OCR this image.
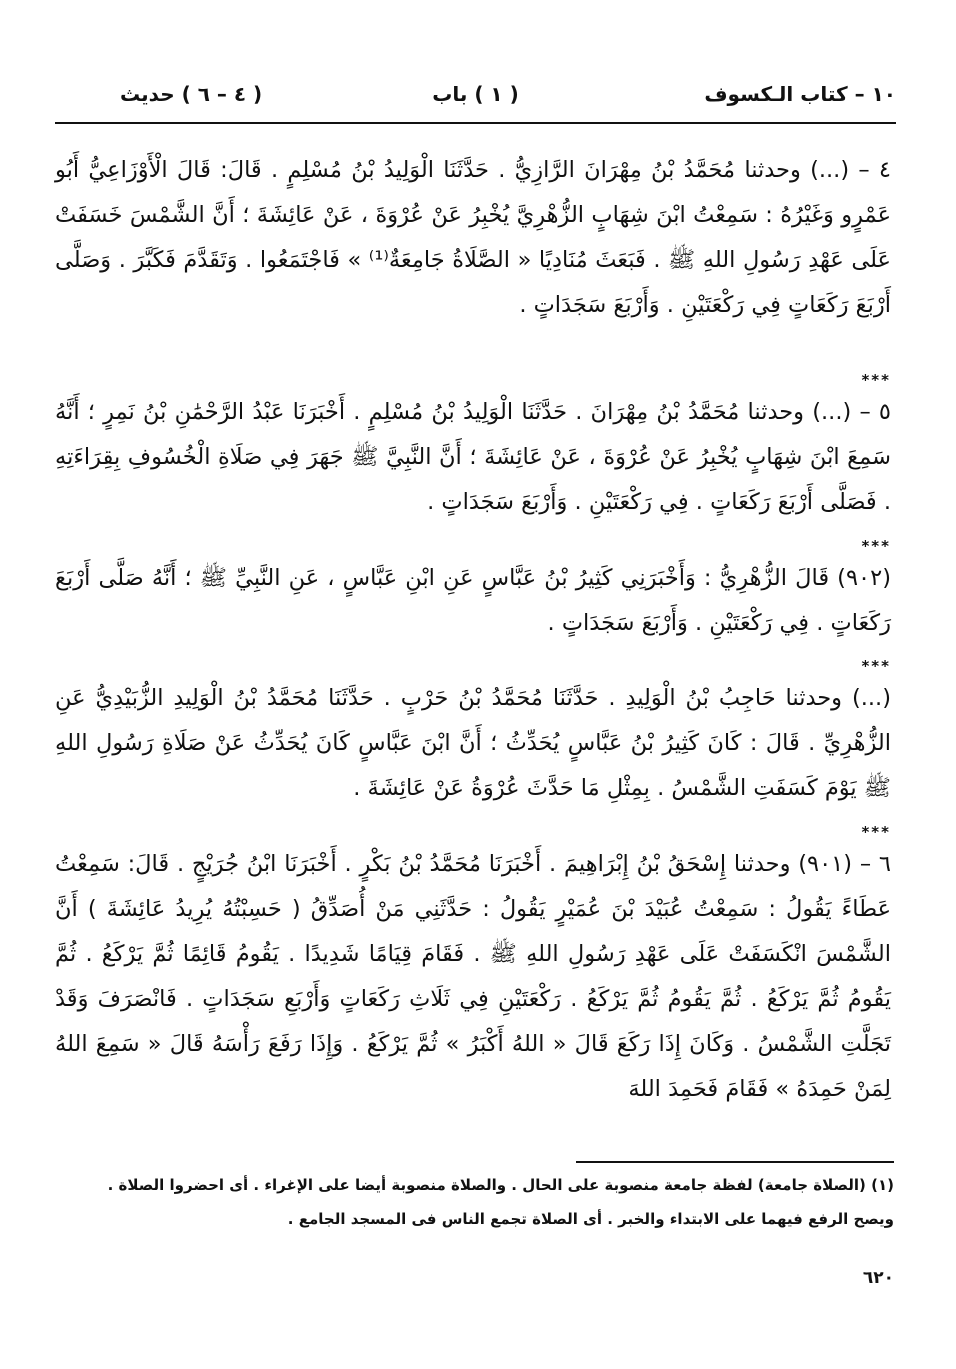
١٠ – كتاب الـكسوف
( ١ ) باب
( ٤ – ٦ ) حديث

٤ – (...) وحدثنا مُحَمَّدُ بْنُ مِهْرَانَ الرَّازِيُّ . حَدَّثَنَا الْوَلِيدُ بْنُ مُسْلِمٍ . قَالَ: قَالَ الْأَوْزَاعِيُّ أَبُو عَمْرٍو وَغَيْرُهُ : سَمِعْتُ ابْنَ شِهَابٍ الزُّهْرِيَّ يُخْبِرُ عَنْ عُرْوَةَ ، عَنْ عَائِشَةَ ؛ أَنَّ الشَّمْسَ خَسَفَتْ عَلَى عَهْدِ رَسُولِ اللهِ ﷺ . فَبَعَثَ مُنَادِيًا « الصَّلَاةُ جَامِعَةٌ⁽¹⁾ » فَاجْتَمَعُوا . وَتَقَدَّمَ فَكَبَّرَ . وَصَلَّى أَرْبَعَ رَكَعَاتٍ فِي رَكْعَتَيْنِ . وَأَرْبَعَ سَجَدَاتٍ .

***

٥ – (...) وحدثنا مُحَمَّدُ بْنُ مِهْرَانَ . حَدَّثَنَا الْوَلِيدُ بْنُ مُسْلِمٍ . أَخْبَرَنَا عَبْدُ الرَّحْمَٰنِ بْنُ نَمِرٍ ؛ أَنَّهُ سَمِعَ ابْنَ شِهَابٍ يُخْبِرُ عَنْ عُرْوَةَ ، عَنْ عَائِشَةَ ؛ أَنَّ النَّبِيَّ ﷺ جَهَرَ فِي صَلَاةِ الْخُسُوفِ بِقِرَاءَتِهِ . فَصَلَّى أَرْبَعَ رَكَعَاتٍ . فِي رَكْعَتَيْنِ . وَأَرْبَعَ سَجَدَاتٍ .

***

(٩٠٢) قَالَ الزُّهْرِيُّ : وَأَخْبَرَنِي كَثِيرُ بْنُ عَبَّاسٍ عَنِ ابْنِ عَبَّاسٍ ، عَنِ النَّبِيِّ ﷺ ؛ أَنَّهُ صَلَّى أَرْبَعَ رَكَعَاتٍ . فِي رَكْعَتَيْنِ . وَأَرْبَعَ سَجَدَاتٍ .

***

(...) وحدثنا حَاجِبُ بْنُ الْوَلِيدِ . حَدَّثَنَا مُحَمَّدُ بْنُ حَرْبٍ . حَدَّثَنَا مُحَمَّدُ بْنُ الْوَلِيدِ الزُّبَيْدِيُّ عَنِ الزُّهْرِيِّ . قَالَ : كَانَ كَثِيرُ بْنُ عَبَّاسٍ يُحَدِّثُ ؛ أَنَّ ابْنَ عَبَّاسٍ كَانَ يُحَدِّثُ عَنْ صَلَاةِ رَسُولِ اللهِ ﷺ يَوْمَ كَسَفَتِ الشَّمْسُ . بِمِثْلِ مَا حَدَّثَ عُرْوَةُ عَنْ عَائِشَةَ .

***

٦ – (٩٠١) وحدثنا إِسْحَقُ بْنُ إِبْرَاهِيمَ . أَخْبَرَنَا مُحَمَّدُ بْنُ بَكْرٍ . أَخْبَرَنَا ابْنُ جُرَيْجٍ . قَالَ: سَمِعْتُ عَطَاءً يَقُولُ : سَمِعْتُ عُبَيْدَ بْنَ عُمَيْرٍ يَقُولُ : حَدَّثَنِي مَنْ أُصَدِّقُ ( حَسِبْتُهُ يُرِيدُ عَائِشَةَ ) أَنَّ الشَّمْسَ انْكَسَفَتْ عَلَى عَهْدِ رَسُولِ اللهِ ﷺ . فَقَامَ قِيَامًا شَدِيدًا . يَقُومُ قَائِمًا ثُمَّ يَرْكَعُ . ثُمَّ يَقُومُ ثُمَّ يَرْكَعُ . ثُمَّ يَقُومُ ثُمَّ يَرْكَعُ . رَكْعَتَيْنِ فِي ثَلَاثِ رَكَعَاتٍ وَأَرْبَعِ سَجَدَاتٍ . فَانْصَرَفَ وَقَدْ تَجَلَّتِ الشَّمْسُ . وَكَانَ إِذَا رَكَعَ قَالَ « اللهُ أَكْبَرُ » ثُمَّ يَرْكَعُ . وَإِذَا رَفَعَ رَأْسَهُ قَالَ « سَمِعَ اللهُ لِمَنْ حَمِدَهُ » فَقَامَ فَحَمِدَ اللهَ

(١) (الصلاة جامعة) لفظة جامعة منصوبة على الحال . والصلاة منصوبة أيضا على الإغراء . أى احضروا الصلاة .

ويصح الرفع فيهما على الابتداء والخبر . أى الصلاة تجمع الناس فى المسجد الجامع .

٦٢٠
